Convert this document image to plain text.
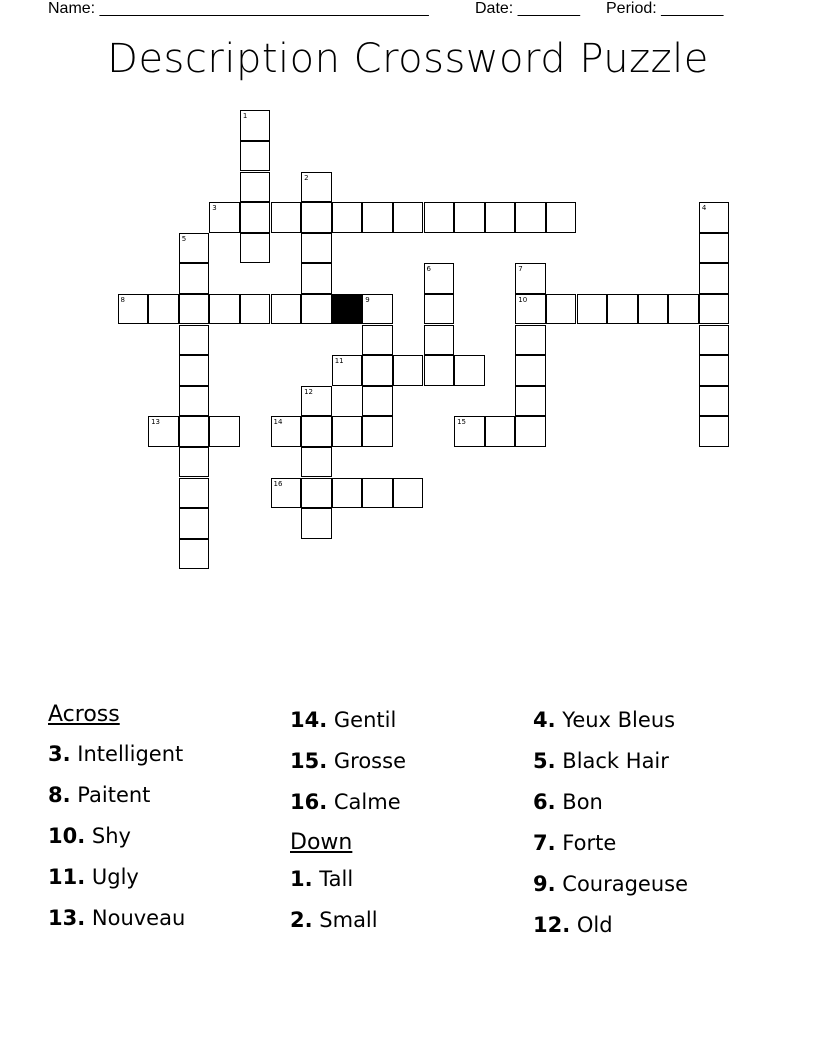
Name: _____________________________________	Date: _______ Period: _______
Description Crossword Puzzle
1
2
3	4
5
6	7
8	9	10
11
12
13	14	15
16
Across
3. Intelligent
8. Paitent
10. Shy
11. Ugly
13. Nouveau
14. Gentil
15. Grosse
16. Calme
Down
1. Tall
2. Small
4. Yeux Bleus
5. Black Hair
6. Bon
7. Forte
9. Courageuse
12. Old
